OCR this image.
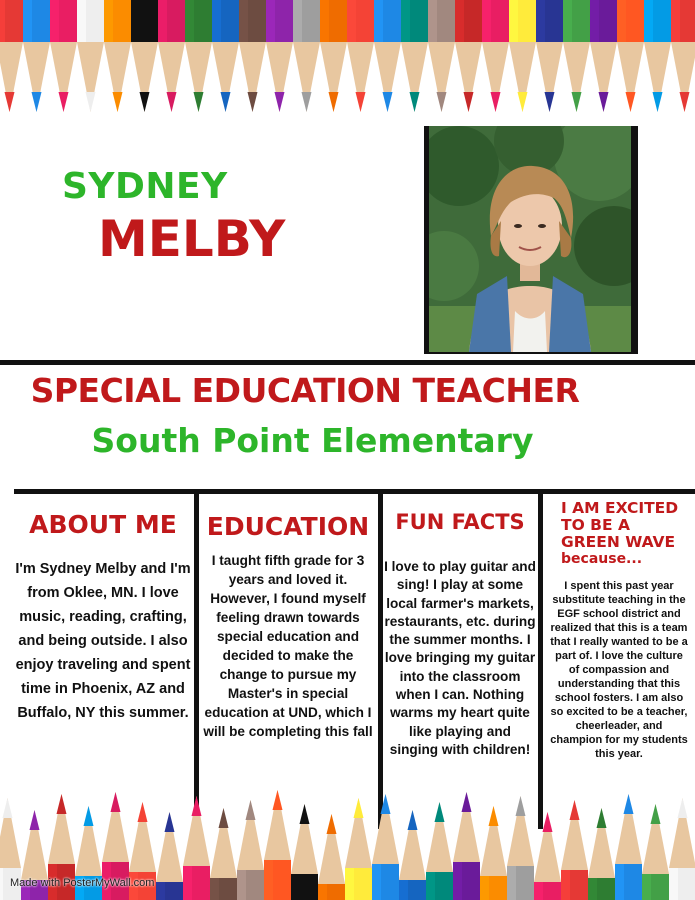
SYDNEY
MELBY
SPECIAL EDUCATION TEACHER
South Point Elementary
ABOUT ME
I'm Sydney Melby and I'm from Oklee, MN. I love music, reading, crafting, and being outside. I also enjoy traveling and spent time in Phoenix, AZ and Buffalo, NY this summer.
EDUCATION
I taught fifth grade for 3 years and loved it. However, I found myself feeling drawn towards special education and decided to make the change to pursue my Master's in special education at UND, which I will be completing this fall
FUN FACTS
I love to play guitar and sing! I play at some local farmer's markets, restaurants, etc. during the summer months. I love bringing my guitar into the classroom when I can. Nothing warms my heart quite like playing and singing with children!
I AM EXCITED TO BE A GREEN WAVE
because...
I spent this past year substitute teaching in the EGF school district and realized that this is a team that I really wanted to be a part of. I love the culture of compassion and understanding that this school fosters. I am also so excited to be a teacher, cheerleader, and champion for my students this year.
Made with PosterMyWall.com
